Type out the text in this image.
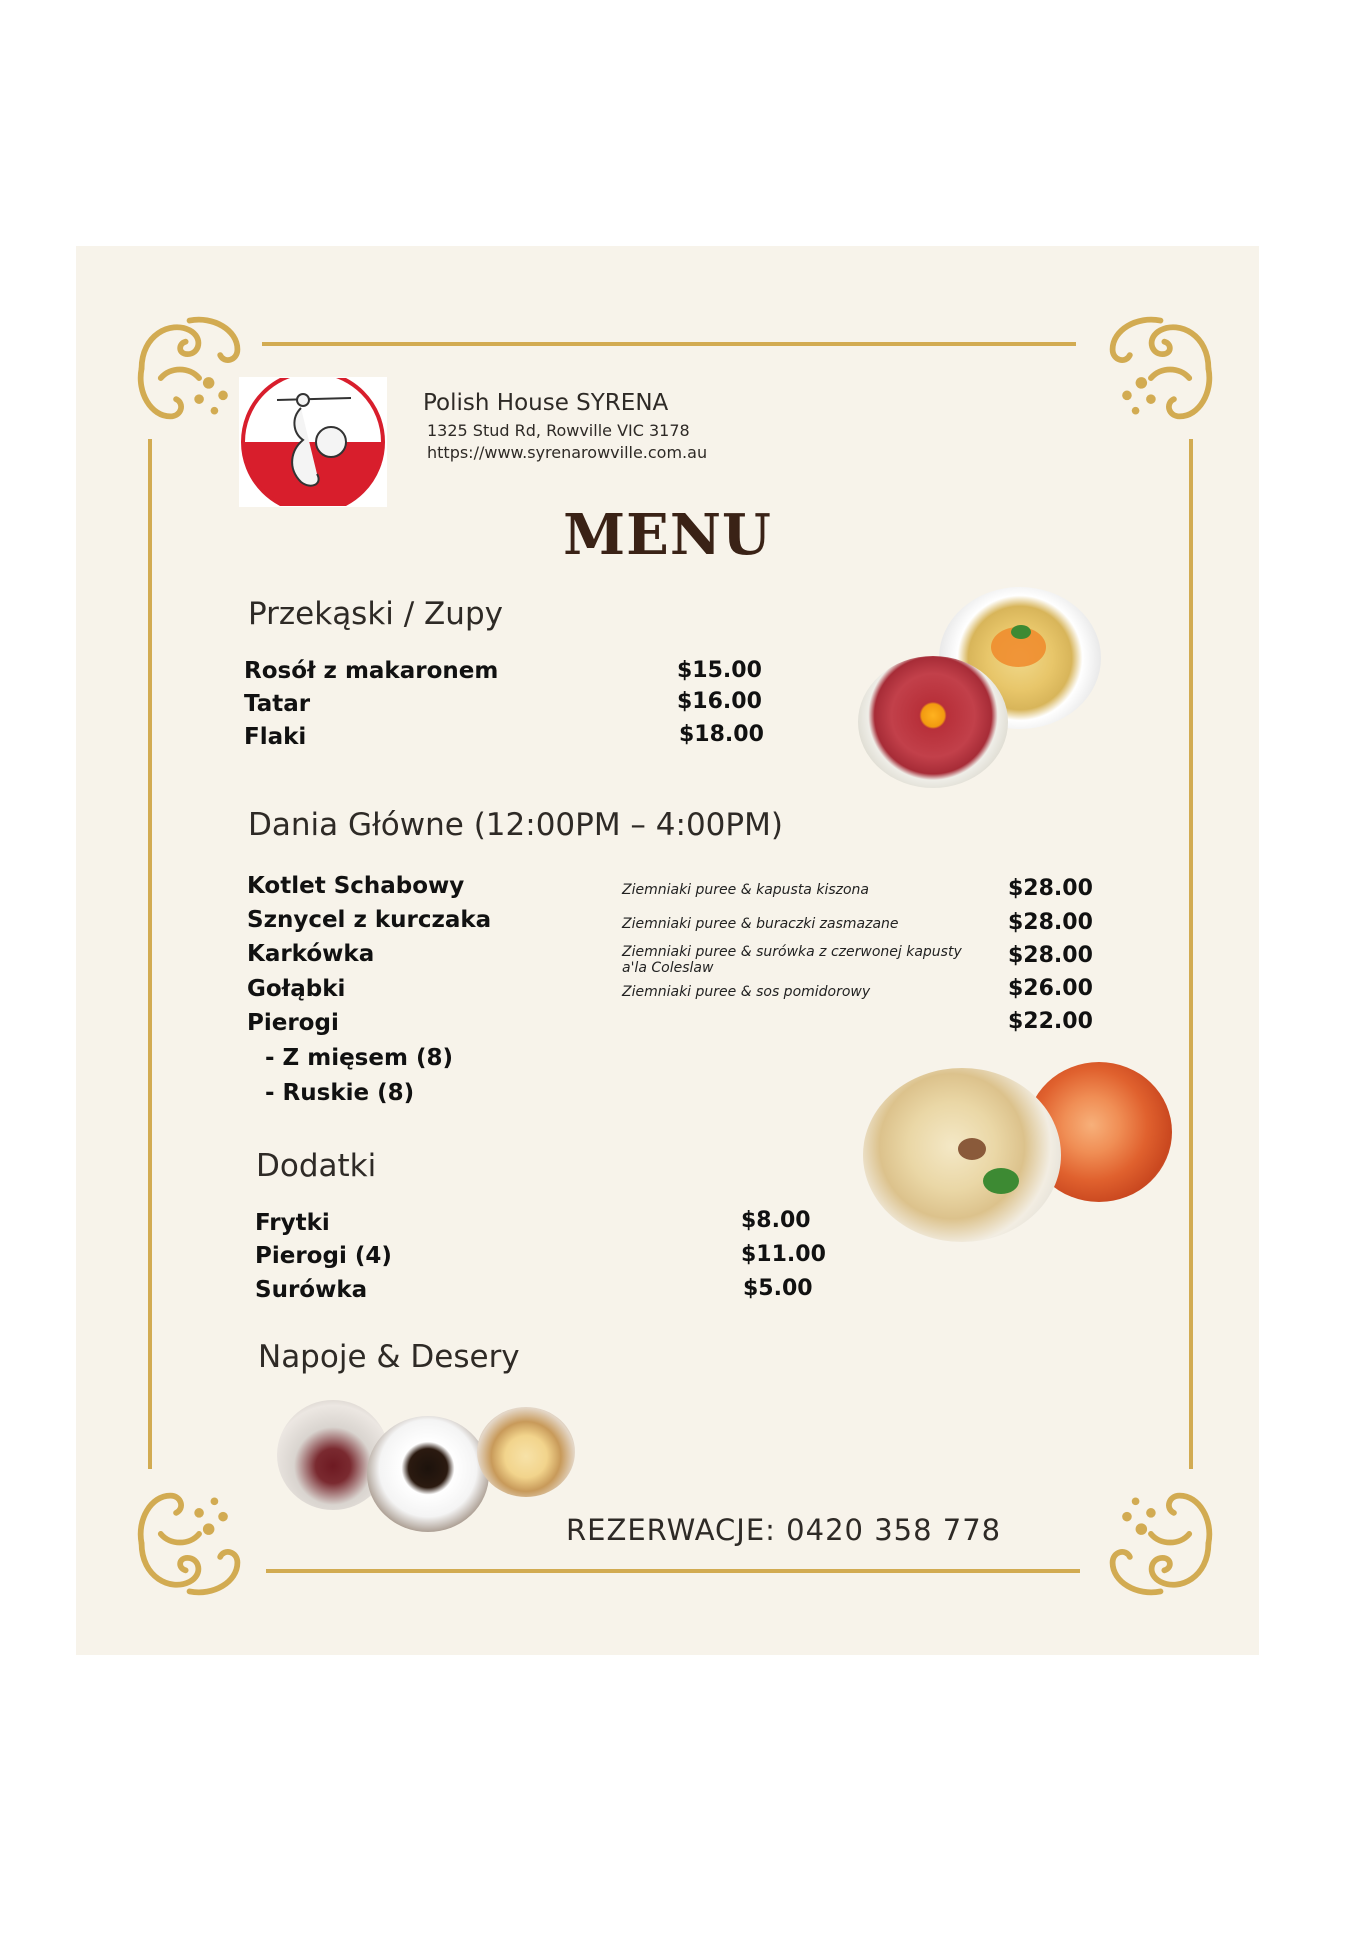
Polish House SYRENA
1325 Stud Rd, Rowville VIC 3178
https://www.syrenarowville.com.au
MENU
Przekąski / Zupy
Rosół z makaronem
Tatar
Flaki
$15.00
$16.00
$18.00
Dania Główne (12:00PM – 4:00PM)
Kotlet Schabowy
Sznycel z kurczaka
Karkówka
Gołąbki
Pierogi
- Z mięsem (8)
- Ruskie (8)
Ziemniaki puree & kapusta kiszona
Ziemniaki puree & buraczki zasmazane
Ziemniaki puree & surówka z czerwonej kapusty a'la Coleslaw
Ziemniaki puree & sos pomidorowy
$28.00
$28.00
$28.00
$26.00
$22.00
Dodatki
Frytki
Pierogi (4)
Surówka
$8.00
$11.00
$5.00
Napoje & Desery
REZERWACJE: 0420 358 778
